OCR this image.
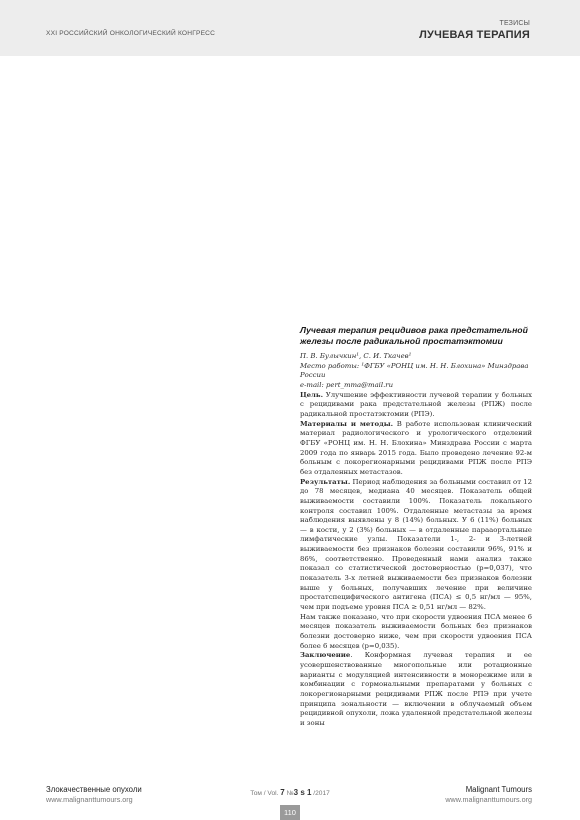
XXI РОССИЙСКИЙ ОНКОЛОГИЧЕСКИЙ КОНГРЕСС
ТЕЗИСЫ
ЛУЧЕВАЯ ТЕРАПИЯ
Лучевая терапия рецидивов рака предстательной железы после радикальной простатэктомии
П. В. Булычкин¹, С. И. Ткачев¹
Место работы: ¹ФГБУ «РОНЦ им. Н. Н. Блохина» Минздрава России
e-mail: pert_mma@mail.ru

Цель. Улучшение эффективности лучевой терапии у больных с рецидивами рака предстательной железы (РПЖ) после радикальной простатэктомии (РПЭ).

Материалы и методы. В работе использован клинический материал радиологического и урологического отделений ФГБУ «РОНЦ им. Н. Н. Блохина» Минздрава России с марта 2009 года по январь 2015 года. Было проведено лечение 92‑м больным с локорегионарными рецидивами РПЖ после РПЭ без отдаленных метастазов.

Результаты. Период наблюдения за больными составил от 12 до 78 месяцев, медиана 40 месяцев. Показатель общей выживаемости составили 100%. Показатель локального контроля составил 100%. Отдаленные метастазы за время наблюдения выявлены у 8 (14%) больных. У 6 (11%) больных — в кости, у 2 (3%) больных — в отдаленные парааортальные лимфатические узлы. Показатели 1‑, 2‑ и 3‑летней выживаемости без признаков болезни составили 96%, 91% и 86%, соответственно. Проведенный нами анализ также показал со статистической достоверностью (p=0,037), что показатель 3‑х летней выживаемости без признаков болезни выше у больных, получавших лечение при величине простатспецифического антигена (ПСА) ≤ 0,5 нг/мл — 95%, чем при подъеме уровня ПСА ≥ 0,51 нг/мл — 82%.

Нам также показано, что при скорости удвоения ПСА менее 6 месяцев показатель выживаемости больных без признаков болезни достоверно ниже, чем при скорости удвоения ПСА более 6 месяцев (p=0,035).

Заключение. Конформная лучевая терапия и ее усовершенствованные многопольные или ротационные варианты с модуляцией интенсивности в монорежиме или в комбинации с гормональными препаратами у больных с локорегионарными рецидивами РПЖ после РПЭ при учете принципа зональности — включении в облучаемый объем рецидивной опухоли, ложа удаленной предстательной железы и зоны

Злокачественные опухоли
www.malignanttumours.org
Том / Vol. 7 №3 s 1 /2017	Malignant Tumours
www.malignanttumours.org
110
